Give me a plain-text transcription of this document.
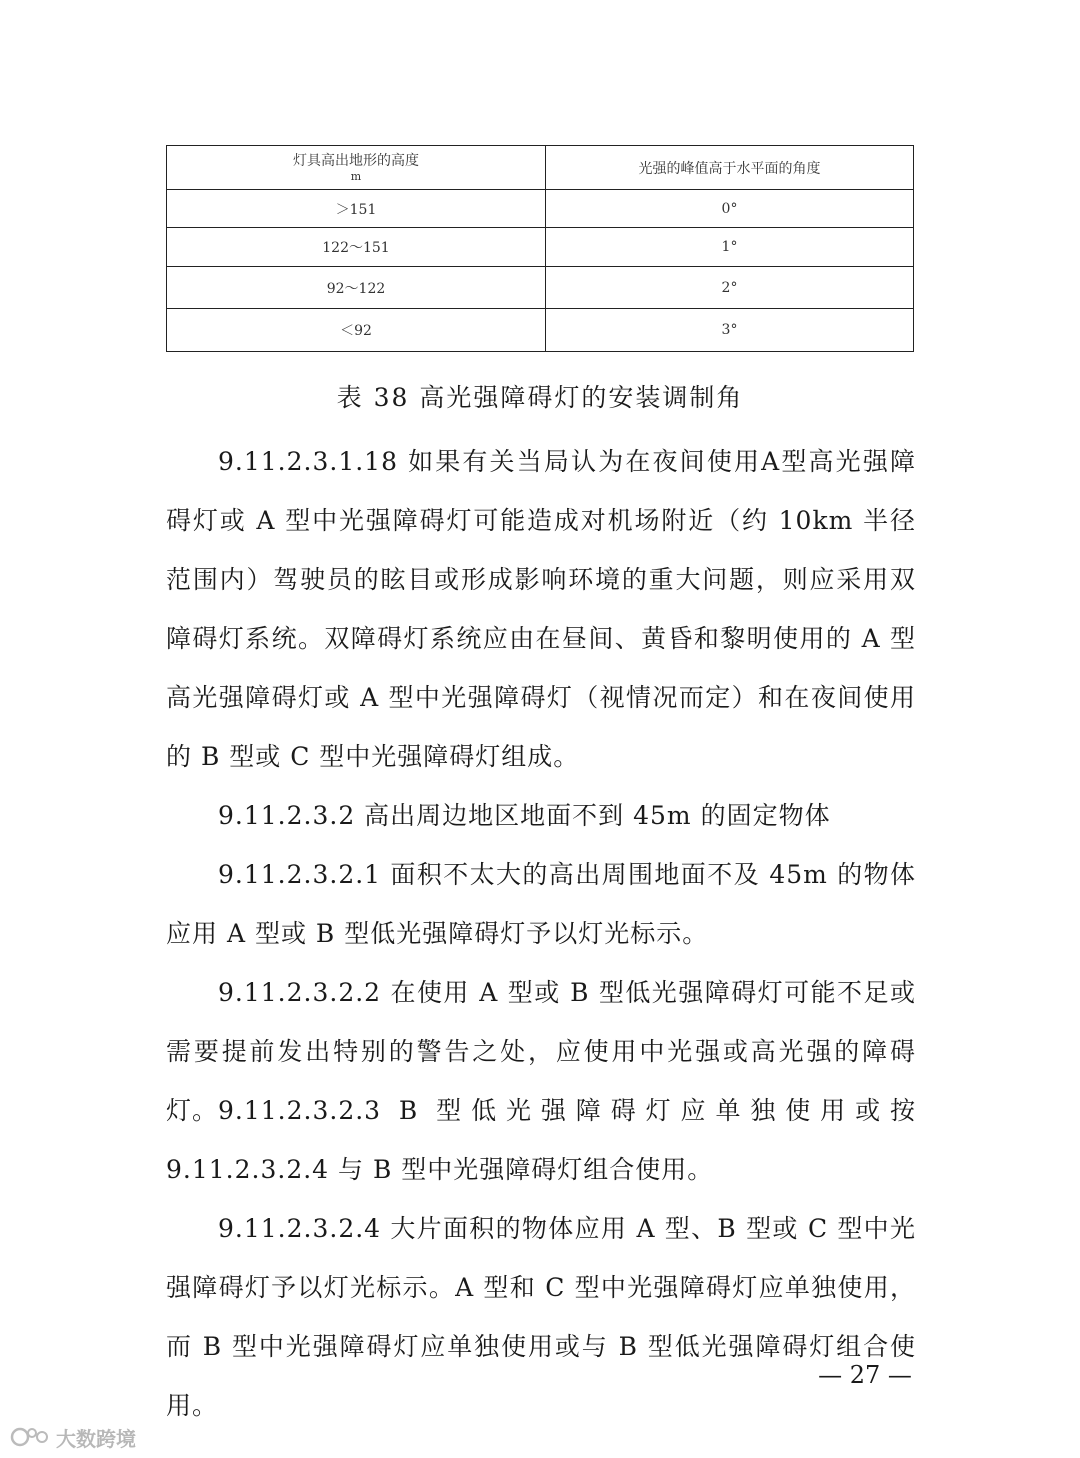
灯具高出地形的高度
m	光强的峰值高于水平面的角度
＞151	0°
122～151	1°
92～122	2°
＜92	3°
表 38 高光强障碍灯的安装调制角

9.11.2.3.1.18 如果有关当局认为在夜间使用A型高光强障碍灯或 A 型中光强障碍灯可能造成对机场附近（约 10km 半径范围内）驾驶员的眩目或形成影响环境的重大问题，则应采用双障碍灯系统。双障碍灯系统应由在昼间、黄昏和黎明使用的 A 型高光强障碍灯或 A 型中光强障碍灯（视情况而定）和在夜间使用的 B 型或 C 型中光强障碍灯组成。

9.11.2.3.2 高出周边地区地面不到 45m 的固定物体

9.11.2.3.2.1 面积不太大的高出周围地面不及 45m 的物体应用 A 型或 B 型低光强障碍灯予以灯光标示。

9.11.2.3.2.2 在使用 A 型或 B 型低光强障碍灯可能不足或需要提前发出特别的警告之处，应使用中光强或高光强的障碍灯。 9.11.2.3.2.3 B 型低光强障碍灯应单独使用或按 9.11.2.3.2.4 与 B 型中光强障碍灯组合使用。

9.11.2.3.2.4 大片面积的物体应用 A 型、B 型或 C 型中光强障碍灯予以灯光标示。A 型和 C 型中光强障碍灯应单独使用，而 B 型中光强障碍灯应单独使用或与 B 型低光强障碍灯组合使用。

— 27 —
大数跨境
